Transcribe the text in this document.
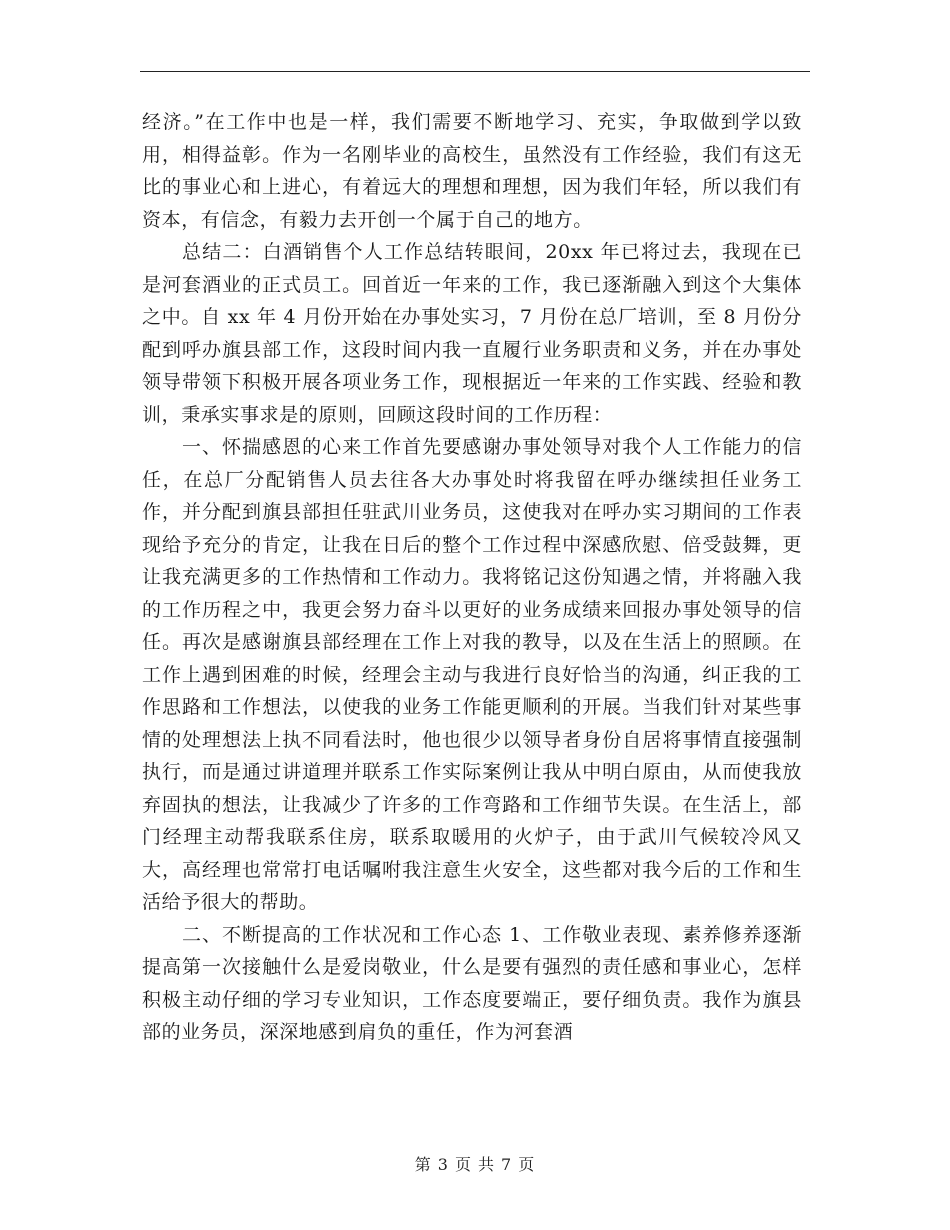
经济。”在工作中也是一样，我们需要不断地学习、充实，争取做到学以致用，相得益彰。作为一名刚毕业的高校生，虽然没有工作经验，我们有这无比的事业心和上进心，有着远大的理想和理想，因为我们年轻，所以我们有资本，有信念，有毅力去开创一个属于自己的地方。

总结二：白酒销售个人工作总结转眼间，20xx 年已将过去，我现在已是河套酒业的正式员工。回首近一年来的工作，我已逐渐融入到这个大集体之中。自 xx 年 4 月份开始在办事处实习，7 月份在总厂培训，至 8 月份分配到呼办旗县部工作，这段时间内我一直履行业务职责和义务，并在办事处领导带领下积极开展各项业务工作，现根据近一年来的工作实践、经验和教训，秉承实事求是的原则，回顾这段时间的工作历程：

一、怀揣感恩的心来工作首先要感谢办事处领导对我个人工作能力的信任，在总厂分配销售人员去往各大办事处时将我留在呼办继续担任业务工作，并分配到旗县部担任驻武川业务员，这使我对在呼办实习期间的工作表现给予充分的肯定，让我在日后的整个工作过程中深感欣慰、倍受鼓舞，更让我充满更多的工作热情和工作动力。我将铭记这份知遇之情，并将融入我的工作历程之中，我更会努力奋斗以更好的业务成绩来回报办事处领导的信任。再次是感谢旗县部经理在工作上对我的教导，以及在生活上的照顾。在工作上遇到困难的时候，经理会主动与我进行良好恰当的沟通，纠正我的工作思路和工作想法，以使我的业务工作能更顺利的开展。当我们针对某些事情的处理想法上执不同看法时，他也很少以领导者身份自居将事情直接强制执行，而是通过讲道理并联系工作实际案例让我从中明白原由，从而使我放弃固执的想法，让我减少了许多的工作弯路和工作细节失误。在生活上，部门经理主动帮我联系住房，联系取暖用的火炉子，由于武川气候较冷风又大，高经理也常常打电话嘱咐我注意生火安全，这些都对我今后的工作和生活给予很大的帮助。

二、不断提高的工作状况和工作心态 1、工作敬业表现、素养修养逐渐提高第一次接触什么是爱岗敬业，什么是要有强烈的责任感和事业心，怎样积极主动仔细的学习专业知识，工作态度要端正，要仔细负责。我作为旗县部的业务员，深深地感到肩负的重任，作为河套酒

第 3 页 共 7 页
